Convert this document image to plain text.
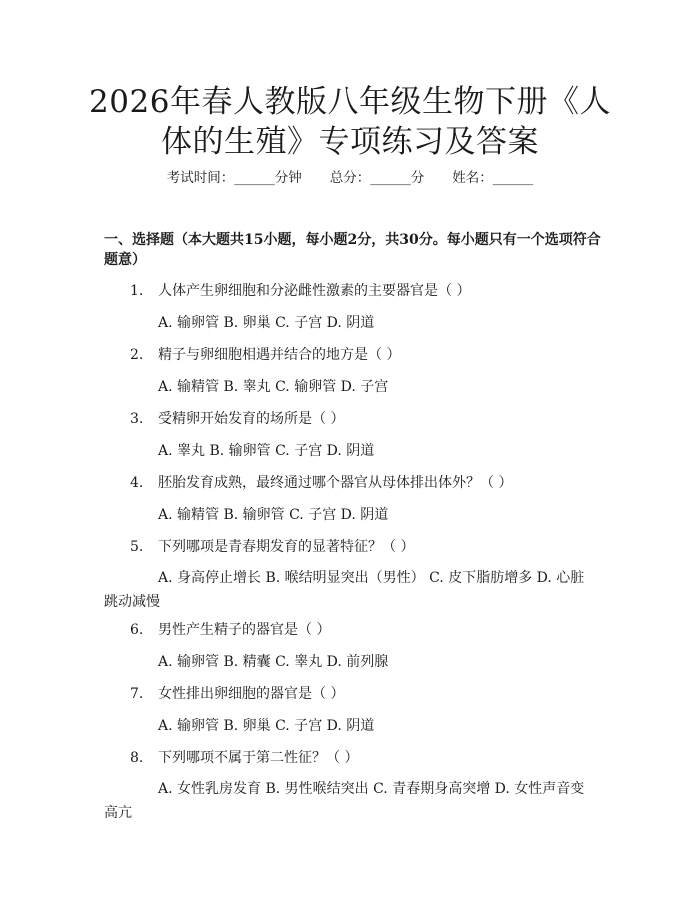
2026年春人教版八年级生物下册《人体的生殖》专项练习及答案
考试时间：______分钟 总分：______分 姓名：______
一、选择题（本大题共15小题，每小题2分，共30分。每小题只有一个选项符合题意）
1. 人体产生卵细胞和分泌雌性激素的主要器官是（ ）
A. 输卵管 B. 卵巢 C. 子宫 D. 阴道
2. 精子与卵细胞相遇并结合的地方是（ ）
A. 输精管 B. 睾丸 C. 输卵管 D. 子宫
3. 受精卵开始发育的场所是（ ）
A. 睾丸 B. 输卵管 C. 子宫 D. 阴道
4. 胚胎发育成熟，最终通过哪个器官从母体排出体外？（ ）
A. 输精管 B. 输卵管 C. 子宫 D. 阴道
5. 下列哪项是青春期发育的显著特征？（ ）
A. 身高停止增长 B. 喉结明显突出（男性） C. 皮下脂肪增多 D. 心脏跳动减慢
6. 男性产生精子的器官是（ ）
A. 输卵管 B. 精囊 C. 睾丸 D. 前列腺
7. 女性排出卵细胞的器官是（ ）
A. 输卵管 B. 卵巢 C. 子宫 D. 阴道
8. 下列哪项不属于第二性征？（ ）
A. 女性乳房发育 B. 男性喉结突出 C. 青春期身高突增 D. 女性声音变高亢
